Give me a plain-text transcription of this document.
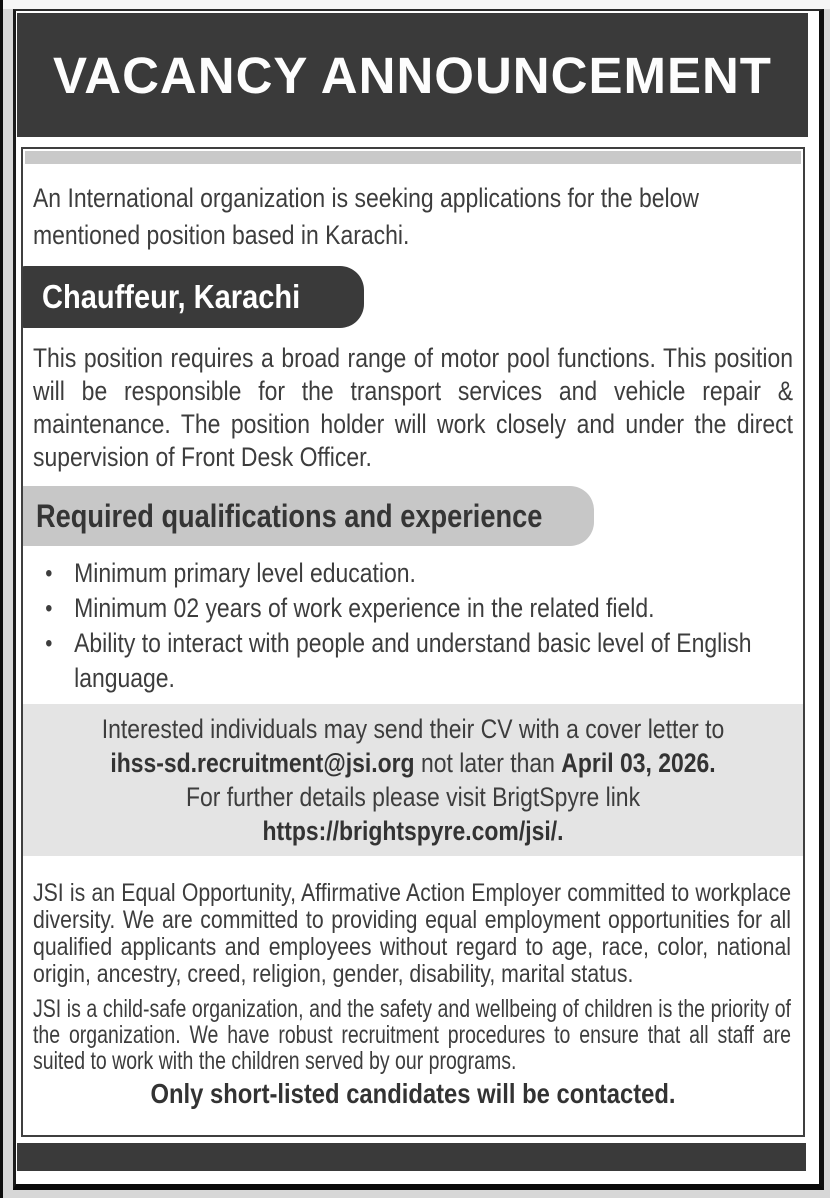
VACANCY ANNOUNCEMENT

An International organization is seeking applications for the below mentioned position based in Karachi.

Chauffeur, Karachi

This position requires a broad range of motor pool functions. This position will be responsible for the transport services and vehicle repair & maintenance. The position holder will work closely and under the direct supervision of Front Desk Officer.

Required qualifications and experience
• Minimum primary level education.
• Minimum 02 years of work experience in the related field.
• Ability to interact with people and understand basic level of English language.
Interested individuals may send their CV with a cover letter to
ihss-sd.recruitment@jsi.org not later than April 03, 2026.
For further details please visit BrigtSpyre link
https://brightspyre.com/jsi/.

JSI is an Equal Opportunity, Affirmative Action Employer committed to workplace diversity. We are committed to providing equal employment opportunities for all qualified applicants and employees without regard to age, race, color, national origin, ancestry, creed, religion, gender, disability, marital status.

JSI is a child-safe organization, and the safety and wellbeing of children is the priority of the organization. We have robust recruitment procedures to ensure that all staff are suited to work with the children served by our programs.

Only short-listed candidates will be contacted.
